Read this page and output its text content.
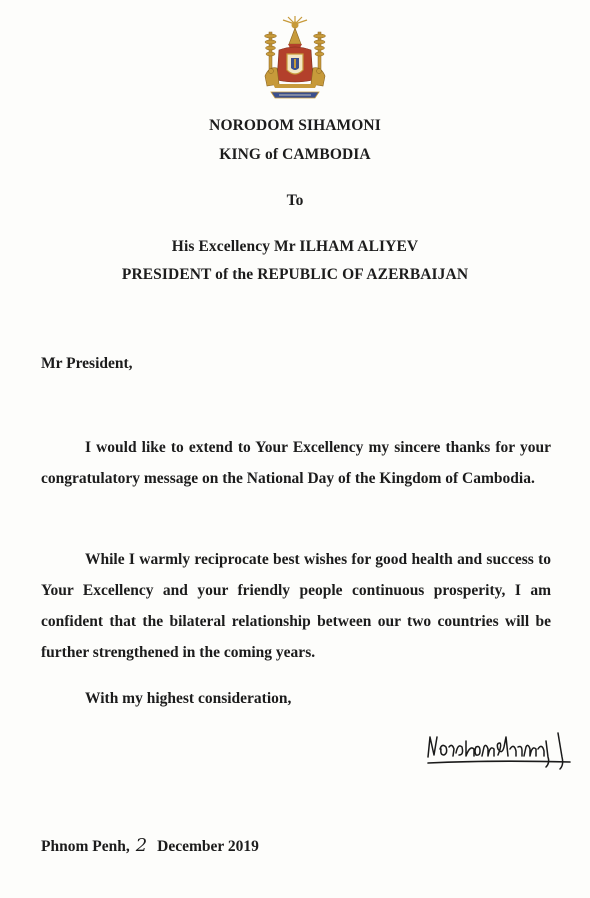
NORODOM SIHAMONI
KING of CAMBODIA
To
His Excellency Mr ILHAM ALIYEV
PRESIDENT of the REPUBLIC OF AZERBAIJAN
Mr President,
I would like to extend to Your Excellency my sincere thanks for your congratulatory message on the National Day of the Kingdom of Cambodia.
While I warmly reciprocate best wishes for good health and success to Your Excellency and your friendly people continuous prosperity, I am confident that the bilateral relationship between our two countries will be further strengthened in the coming years.
With my highest consideration,
Phnom Penh, 2 December 2019
